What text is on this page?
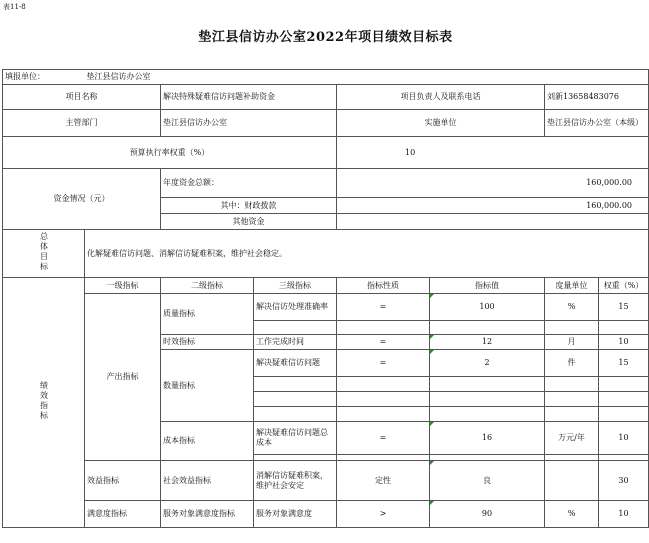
表11-8
垫江县信访办公室2022年项目绩效目标表							
填报单位：	垫江县信访办公室						
项目名称		解决特殊疑难信访问题补助资金		项目负责人及联系电话		刘新13658483076	
主管部门		垫江县信访办公室		实施单位		垫江县信访办公室（本级）	
预算执行率权重（%）				10			
资金情况（元）		年度资金总额：		160,000.00			
		其中：财政拨款		160,000.00			
		其他资金					
总体目标	化解疑难信访问题、消解信访疑难积案，维护社会稳定。						
绩效指标	一级指标	二级指标	三级指标	指标性质	指标值	度量单位	权重（%）
	产出指标	质量指标	解决信访处理准确率	=	100	%	15

		时效指标	工作完成时间	=	12	月	10
		数量指标	解决疑难信访问题	=	2	件	15

		成本指标	解决疑难信访问题总成本	=	16	万元/年	10

	效益指标	社会效益指标	消解信访疑难积案，维护社会安定	定性	良		30
	满意度指标	服务对象满意度指标	服务对象满意度	>	90	%	10
